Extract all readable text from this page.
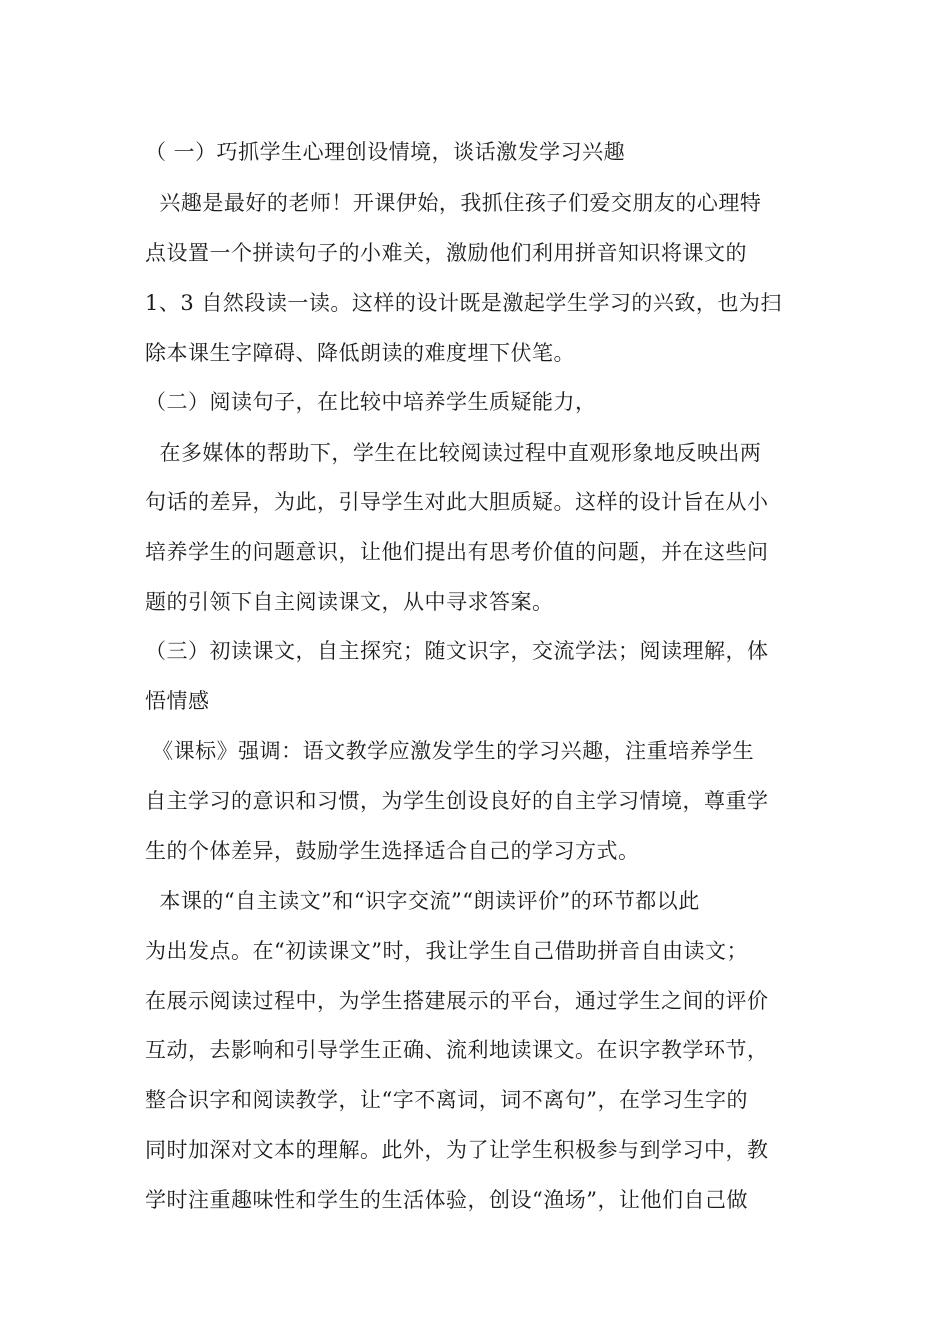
（ 一）巧抓学生心理创设情境，谈话激发学习兴趣
兴趣是最好的老师！开课伊始，我抓住孩子们爱交朋友的心理特
点设置一个拼读句子的小难关，激励他们利用拼音知识将课文的
1、3 自然段读一读。这样的设计既是激起学生学习的兴致，也为扫
除本课生字障碍、降低朗读的难度埋下伏笔。
（二）阅读句子，在比较中培养学生质疑能力，
在多媒体的帮助下，学生在比较阅读过程中直观形象地反映出两
句话的差异，为此，引导学生对此大胆质疑。这样的设计旨在从小
培养学生的问题意识，让他们提出有思考价值的问题，并在这些问
题的引领下自主阅读课文，从中寻求答案。
（三）初读课文，自主探究；随文识字，交流学法；阅读理解，体
悟情感
《课标》强调：语文教学应激发学生的学习兴趣，注重培养学生
自主学习的意识和习惯，为学生创设良好的自主学习情境，尊重学
生的个体差异，鼓励学生选择适合自己的学习方式。
本课的“自主读文”和“识字交流”“朗读评价”的环节都以此
为出发点。在“初读课文”时，我让学生自己借助拼音自由读文；
在展示阅读过程中，为学生搭建展示的平台，通过学生之间的评价
互动，去影响和引导学生正确、流利地读课文。在识字教学环节，
整合识字和阅读教学，让“字不离词，词不离句”，在学习生字的
同时加深对文本的理解。此外，为了让学生积极参与到学习中，教
学时注重趣味性和学生的生活体验，创设“渔场”，让他们自己做
